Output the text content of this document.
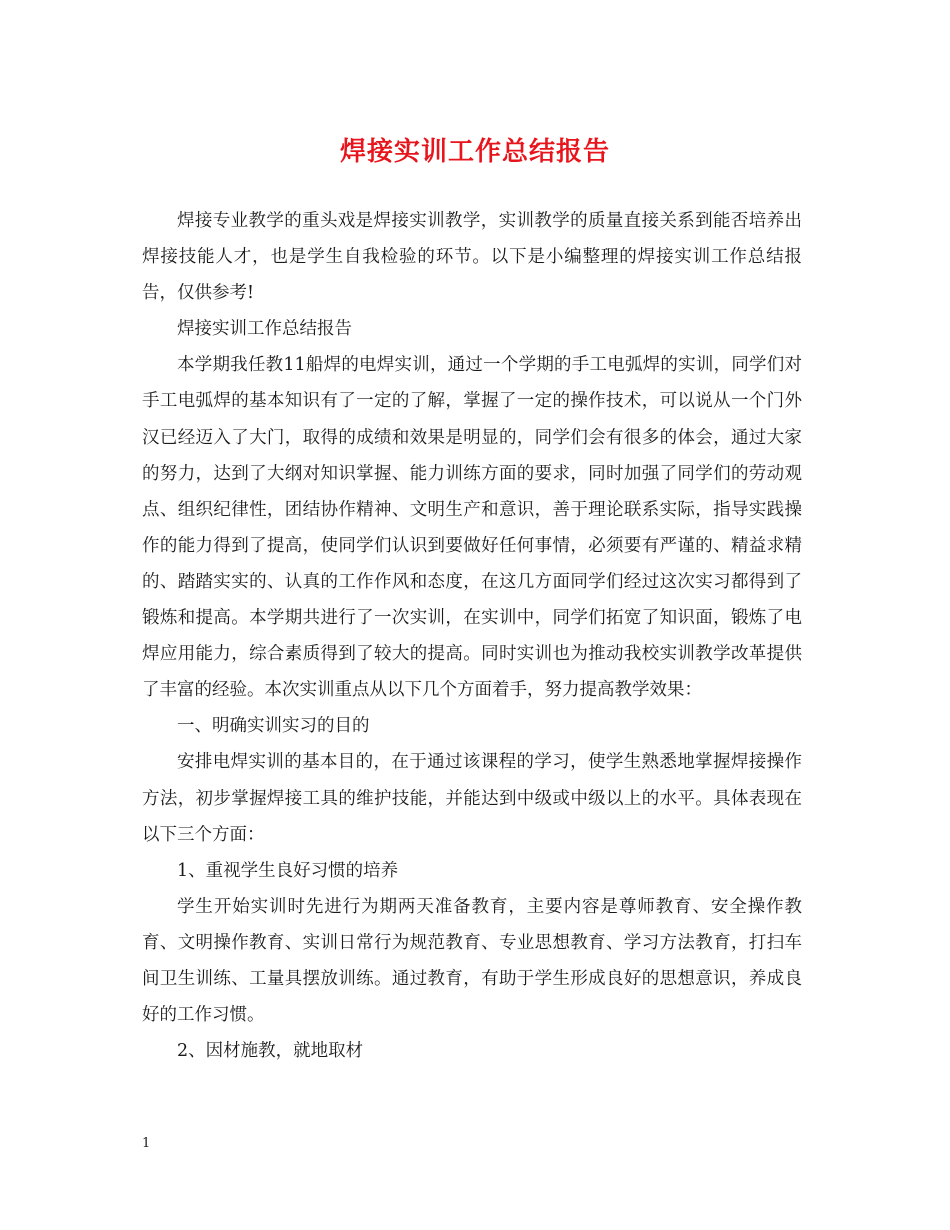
焊接实训工作总结报告

焊接专业教学的重头戏是焊接实训教学，实训教学的质量直接关系到能否培养出焊接技能人才，也是学生自我检验的环节。以下是小编整理的焊接实训工作总结报告，仅供参考!

焊接实训工作总结报告

本学期我任教11船焊的电焊实训，通过一个学期的手工电弧焊的实训，同学们对手工电弧焊的基本知识有了一定的了解，掌握了一定的操作技术，可以说从一个门外汉已经迈入了大门，取得的成绩和效果是明显的，同学们会有很多的体会，通过大家的努力，达到了大纲对知识掌握、能力训练方面的要求，同时加强了同学们的劳动观点、组织纪律性，团结协作精神、文明生产和意识，善于理论联系实际，指导实践操作的能力得到了提高，使同学们认识到要做好任何事情，必须要有严谨的、精益求精的、踏踏实实的、认真的工作作风和态度，在这几方面同学们经过这次实习都得到了锻炼和提高。本学期共进行了一次实训，在实训中，同学们拓宽了知识面，锻炼了电焊应用能力，综合素质得到了较大的提高。同时实训也为推动我校实训教学改革提供了丰富的经验。本次实训重点从以下几个方面着手，努力提高教学效果：

一、明确实训实习的目的

安排电焊实训的基本目的，在于通过该课程的学习，使学生熟悉地掌握焊接操作方法，初步掌握焊接工具的维护技能，并能达到中级或中级以上的水平。具体表现在以下三个方面：

1、重视学生良好习惯的培养

学生开始实训时先进行为期两天准备教育，主要内容是尊师教育、安全操作教育、文明操作教育、实训日常行为规范教育、专业思想教育、学习方法教育，打扫车间卫生训练、工量具摆放训练。通过教育，有助于学生形成良好的思想意识，养成良好的工作习惯。

2、因材施教，就地取材

1
